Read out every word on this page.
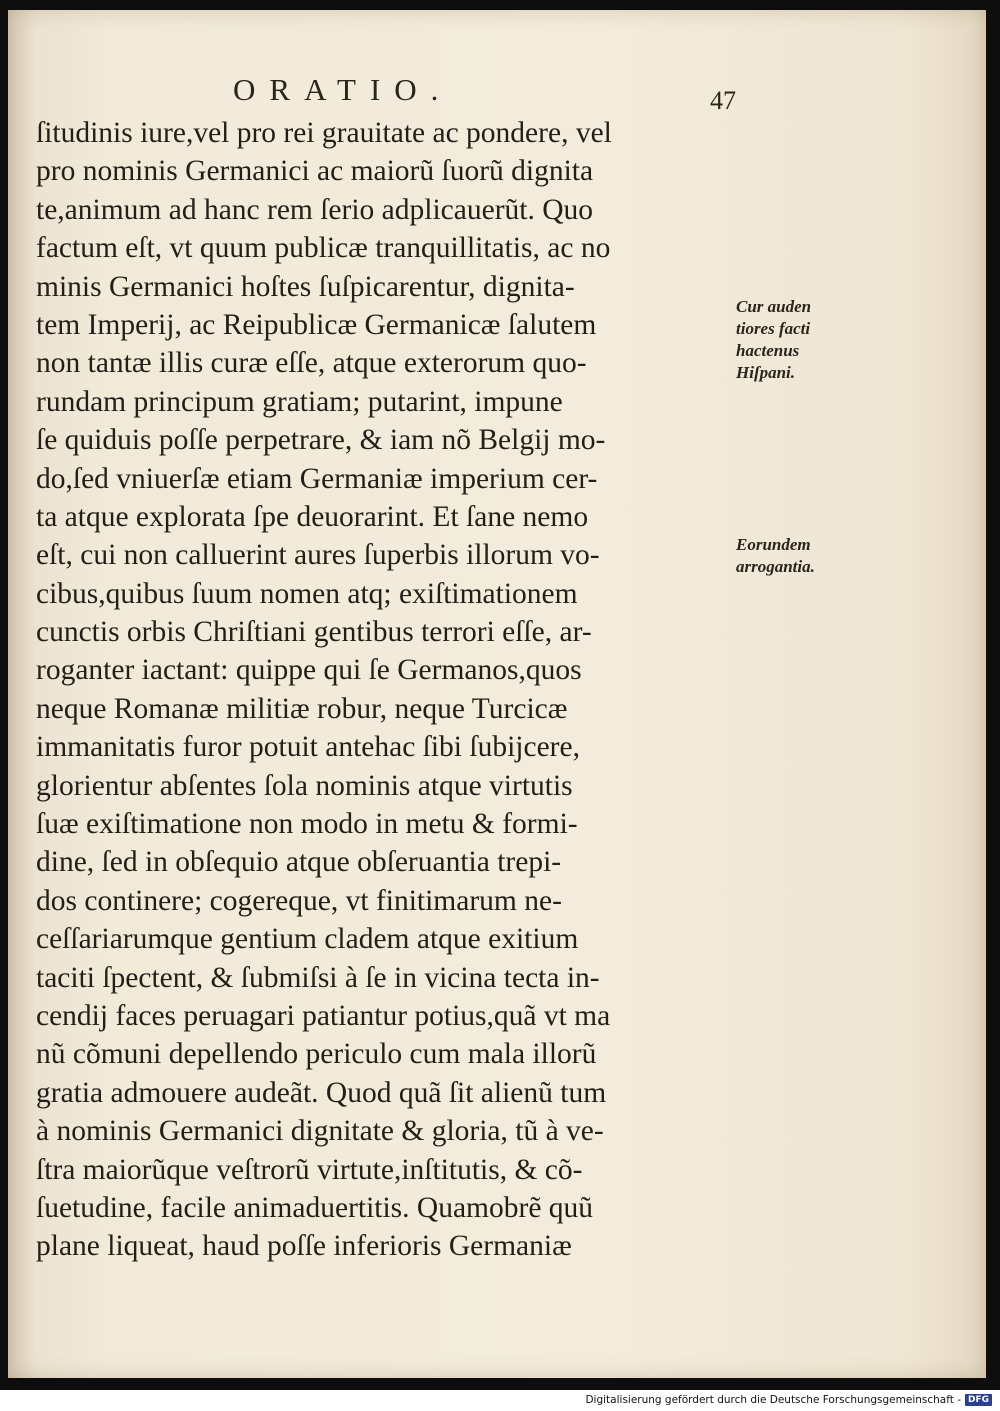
ORATIO.	47
ſitudinis iure,vel pro rei grauitate ac pondere, vel
pro nominis Germanici ac maiorũ ſuorũ dignita
te,animum ad hanc rem ſerio adplicauerũt. Quo
factum eſt, vt quum publicæ tranquillitatis, ac no
minis Germanici hoſtes ſuſpicarentur, dignita-
tem Imperij, ac Reipublicæ Germanicæ ſalutem
non tantæ illis curæ eſſe, atque exterorum quo-
rundam principum gratiam; putarint, impune
ſe quiduis poſſe perpetrare, & iam nõ Belgij mo-
do,ſed vniuerſæ etiam Germaniæ imperium cer-
ta atque explorata ſpe deuorarint. Et ſane nemo
eſt, cui non calluerint aures ſuperbis illorum vo-
cibus,quibus ſuum nomen atq; exiſtimationem
cunctis orbis Chriſtiani gentibus terrori eſſe, ar-
roganter iactant: quippe qui ſe Germanos,quos
neque Romanæ militiæ robur, neque Turcicæ
immanitatis furor potuit antehac ſibi ſubijcere,
glorientur abſentes ſola nominis atque virtutis
ſuæ exiſtimatione non modo in metu & formi-
dine, ſed in obſequio atque obſeruantia trepi-
dos continere; cogereque, vt finitimarum ne-
ceſſariarumque gentium cladem atque exitium
taciti ſpectent, & ſubmiſsi à ſe in vicina tecta in-
cendij faces peruagari patiantur potius,quã vt ma
nũ cõmuni depellendo periculo cum mala illorũ
gratia admouere audeãt. Quod quã ſit alienũ tum
à nominis Germanici dignitate & gloria, tũ à ve-
ſtra maiorũque veſtrorũ virtute,inſtitutis, & cõ-
ſuetudine, facile animaduertitis. Quamobrẽ quũ
plane liqueat, haud poſſe inferioris Germaniæ
Cur auden
tiores facti
hactenus
Hiſpani.
Eorundem
arrogantia.
Digitalisierung gefördert durch die Deutsche Forschungsgemeinschaft - DFG
